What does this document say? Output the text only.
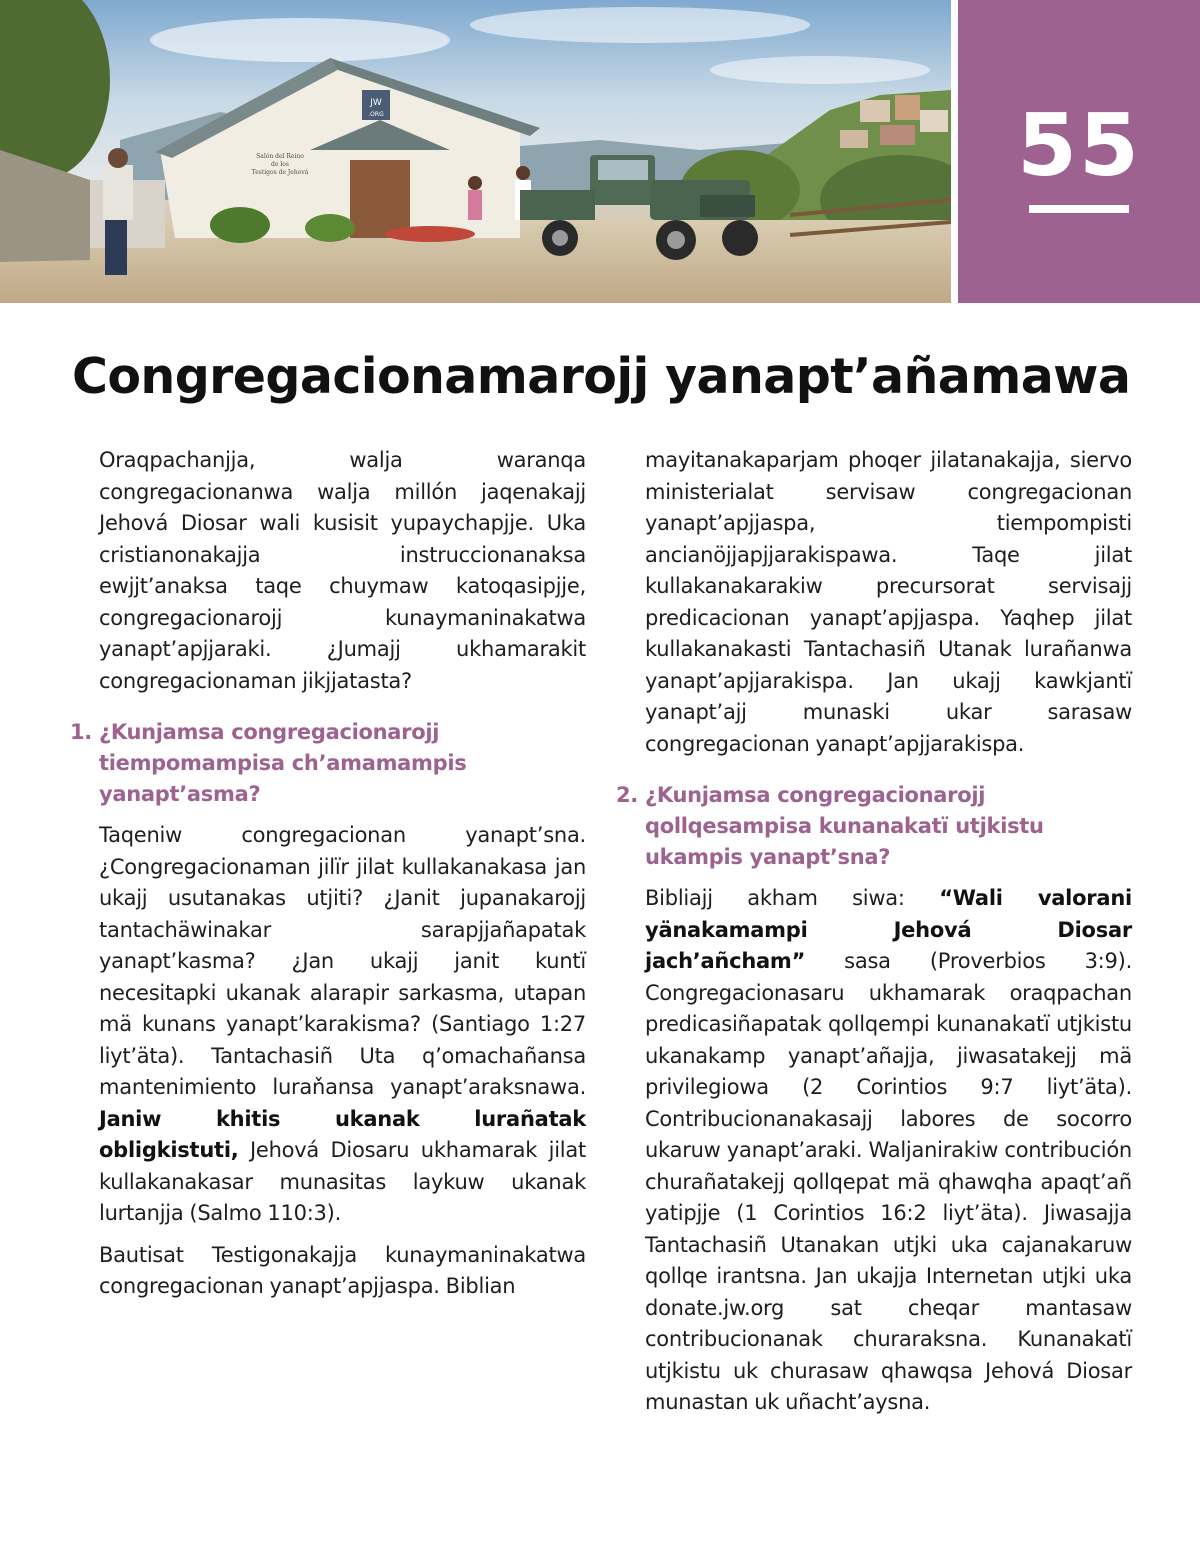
JW
.ORG
Salón del Reino
de los
Testigos de Jehová	55
Congregacionamarojj yanapt’añamawa

Oraqpachanjja, walja waranqa congregacionanwa walja millón jaqenakajj Jehová Diosar wali kusisit yupaychapjje. Uka cristianonakajja instruccionanaksa ewjjt’anaksa taqe chuymaw katoqasipjje, congregacionarojj kunaymaninakatwa yanapt’apjjaraki. ¿Jumajj ukhamarakit congregacionaman jikjjatasta?

1. ¿Kunjamsa congregacionarojj tiempomampisa ch’amamampis yanapt’asma?

Taqeniw congregacionan yanapt’sna. ¿Congregacionaman jilïr jilat kullakanakasa jan ukajj usutanakas utjiti? ¿Janit jupanakarojj tantachäwinakar sarapjjañapatak yanapt’kasma? ¿Jan ukajj janit kuntï necesitapki ukanak alarapir sarkasma, utapan mä kunans yanapt’karakisma? (Santiago 1:27 liyt’äta). Tantachasiñ Uta q’omachañansa mantenimiento luraňansa yanapt’araksnawa. Janiw khitis ukanak lurañatak obligkistuti, Jehová Diosaru ukhamarak jilat kullakanakasar munasitas laykuw ukanak lurtanjja (Salmo 110:3).

Bautisat Testigonakajja kunaymaninakatwa congregacionan yanapt’apjjaspa. Biblian

mayitanakaparjam phoqer jilatanakajja, siervo ministerialat servisaw congregacionan yanapt’apjjaspa, tiempompisti ancianöjjapjjarakispawa. Taqe jilat kullakanakarakiw precursorat servisajj predicacionan yanapt’apjjaspa. Yaqhep jilat kullakanakasti Tantachasiñ Utanak lurañanwa yanapt’apjjarakispa. Jan ukajj kawkjantï yanapt’ajj munaski ukar sarasaw congregacionan yanapt’apjjarakispa.

2. ¿Kunjamsa congregacionarojj qollqesampisa kunanakatï utjkistu ukampis yanapt’sna?

Bibliajj akham siwa: “Wali valorani yänakamampi Jehová Diosar jach’añcham” sasa (Proverbios 3:9). Congregacionasaru ukhamarak oraqpachan predicasiñapatak qollqempi kunanakatï utjkistu ukanakamp yanapt’añajja, jiwasatakejj mä privilegiowa (2 Corintios 9:7 liyt’äta). Contribucionanakasajj labores de socorro ukaruw yanapt’araki. Waljanirakiw contribución churañatakejj qollqepat mä qhawqha apaqt’añ yatipjje (1 Corintios 16:2 liyt’äta). Jiwasajja Tantachasiñ Utanakan utjki uka cajanakaruw qollqe irantsna. Jan ukajja Internetan utjki uka donate.jw.org sat cheqar mantasaw contribucionanak churaraksna. Kunanakatï utjkistu uk churasaw qhawqsa Jehová Diosar munastan uk uñacht’aysna.
